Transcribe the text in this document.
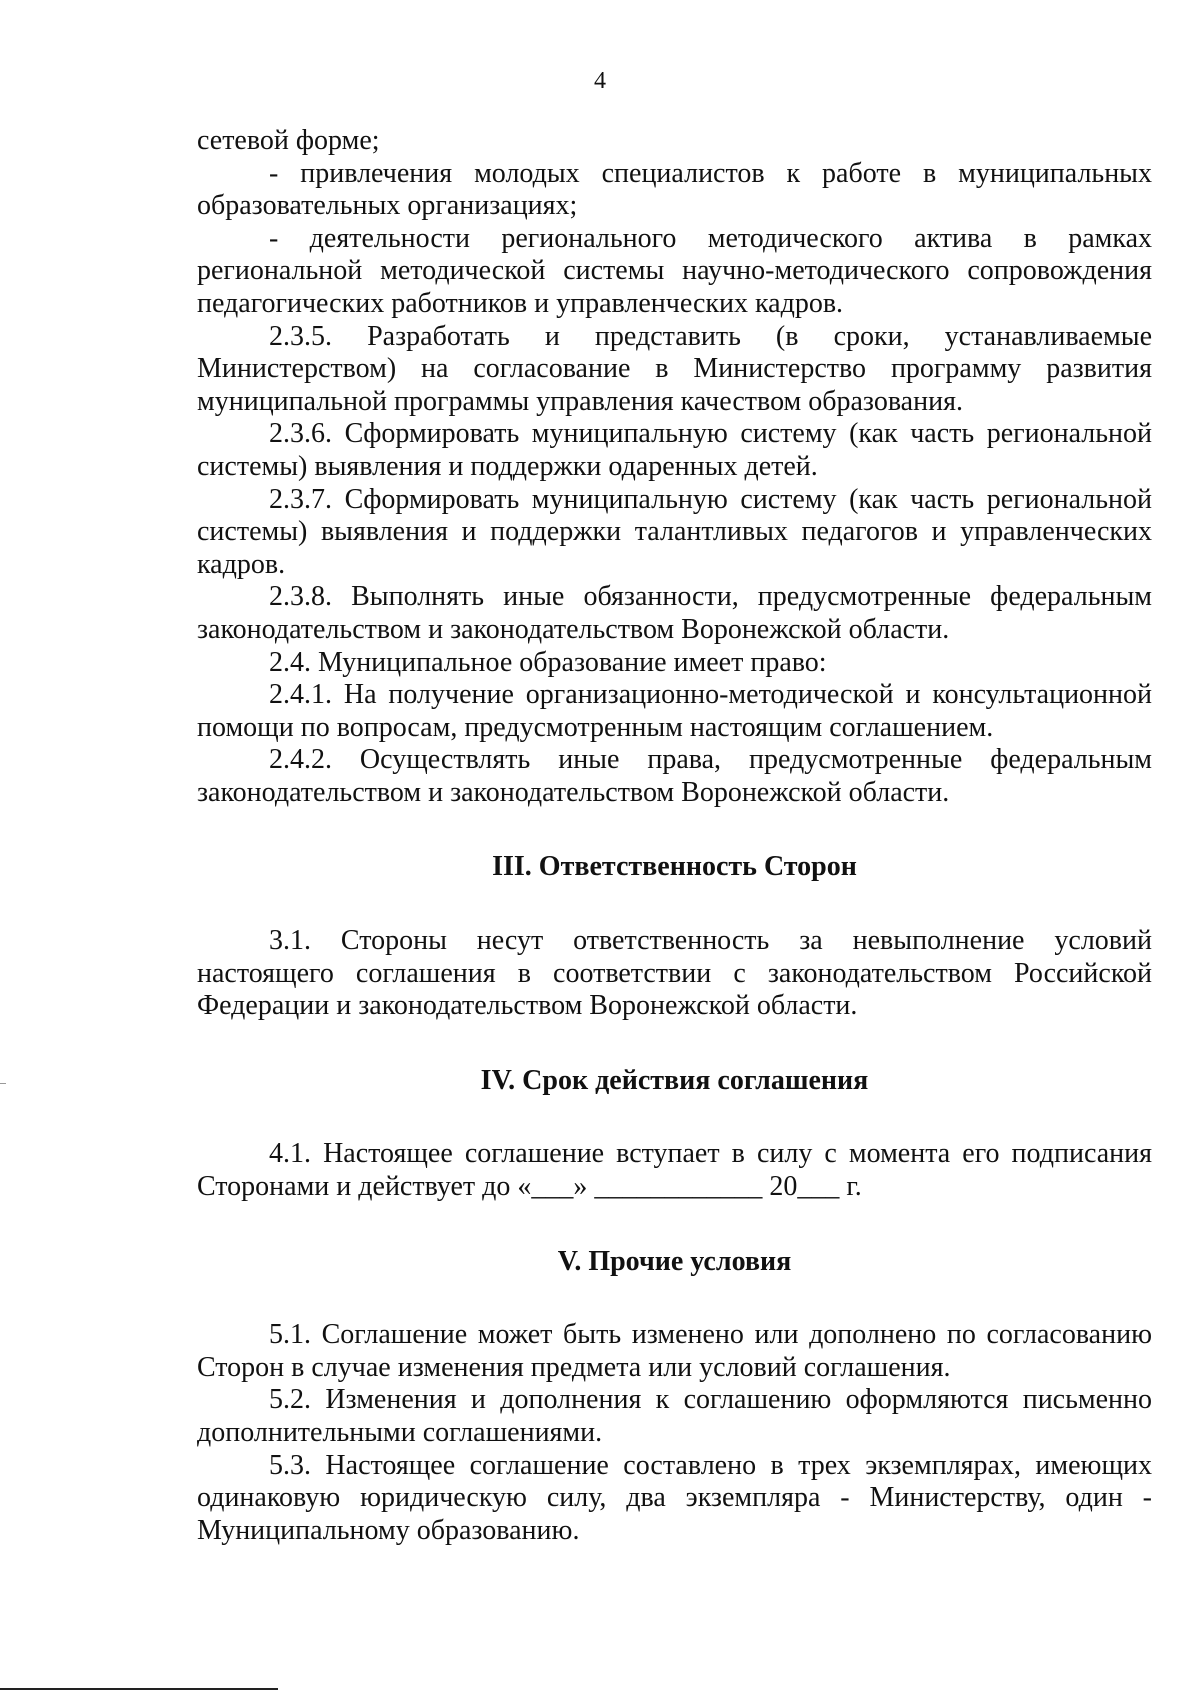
4

сетевой форме;

- привлечения молодых специалистов к работе в муниципальных образовательных организациях;

- деятельности регионального методического актива в рамках региональной методической системы научно-методического сопровождения педагогических работников и управленческих кадров.

2.3.5. Разработать и представить (в сроки, устанавливаемые Министерством) на согласование в Министерство программу развития муниципальной программы управления качеством образования.

2.3.6. Сформировать муниципальную систему (как часть региональной системы) выявления и поддержки одаренных детей.

2.3.7. Сформировать муниципальную систему (как часть региональной системы) выявления и поддержки талантливых педагогов и управленческих кадров.

2.3.8. Выполнять иные обязанности, предусмотренные федеральным законодательством и законодательством Воронежской области.

2.4. Муниципальное образование имеет право:

2.4.1. На получение организационно-методической и консультационной помощи по вопросам, предусмотренным настоящим соглашением.

2.4.2. Осуществлять иные права, предусмотренные федеральным законодательством и законодательством Воронежской области.

III. Ответственность Сторон

3.1. Стороны несут ответственность за невыполнение условий настоящего соглашения в соответствии с законодательством Российской Федерации и законодательством Воронежской области.

IV. Срок действия соглашения

4.1. Настоящее соглашение вступает в силу с момента его подписания Сторонами и действует до «___» ____________ 20___ г.

V. Прочие условия

5.1. Соглашение может быть изменено или дополнено по согласованию Сторон в случае изменения предмета или условий соглашения.

5.2. Изменения и дополнения к соглашению оформляются письменно дополнительными соглашениями.

5.3. Настоящее соглашение составлено в трех экземплярах, имеющих одинаковую юридическую силу, два экземпляра - Министерству, один - Муниципальному образованию.
